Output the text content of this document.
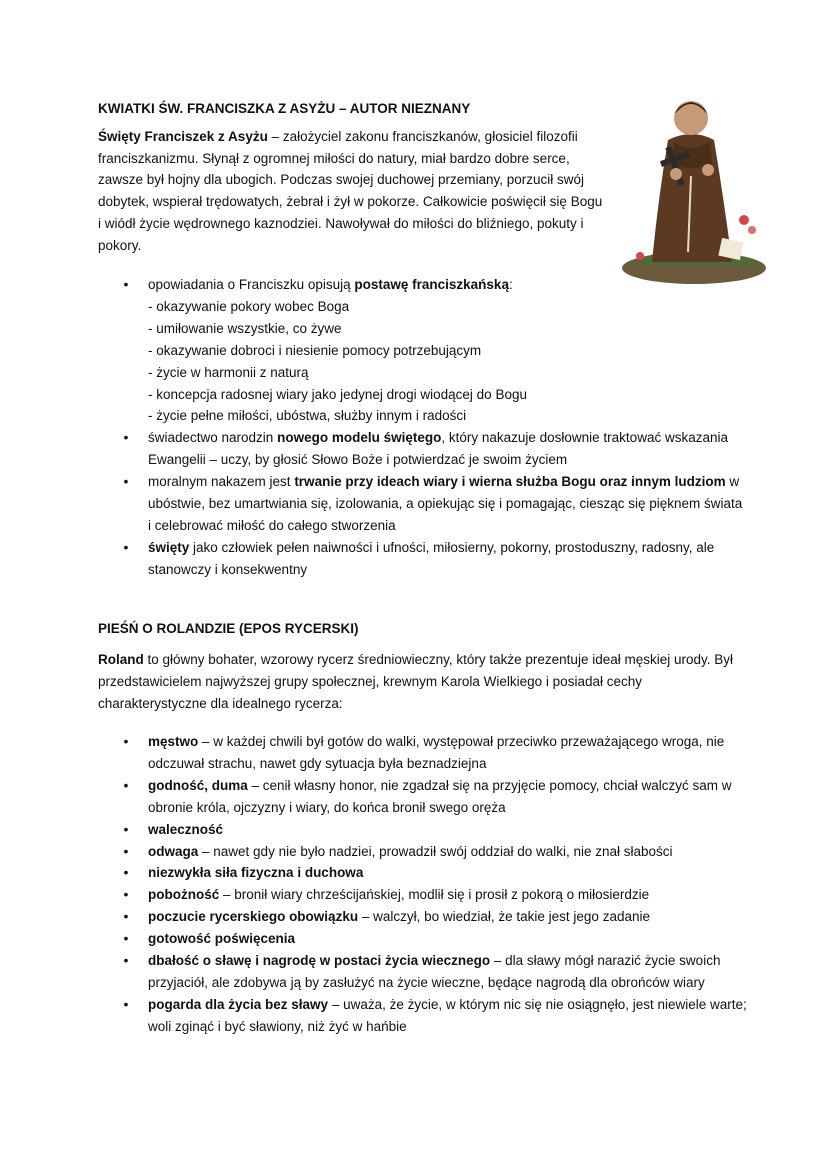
KWIATKI ŚW. FRANCISZKA Z ASYŻU – AUTOR NIEZNANY

Święty Franciszek z Asyżu – założyciel zakonu franciszkanów, głosiciel filozofii franciszkanizmu. Słynął z ogromnej miłości do natury, miał bardzo dobre serce, zawsze był hojny dla ubogich. Podczas swojej duchowej przemiany, porzucił swój dobytek, wspierał trędowatych, żebrał i żył w pokorze. Całkowicie poświęcił się Bogu i wiódł życie wędrownego kaznodziei. Nawoływał do miłości do bliźniego, pokuty i pokory.

• opowiadania o Franciszku opisują postawę franciszkańską:
- okazywanie pokory wobec Boga
- umiłowanie wszystkie, co żywe
- okazywanie dobroci i niesienie pomocy potrzebującym
- życie w harmonii z naturą
- koncepcja radosnej wiary jako jedynej drogi wiodącej do Bogu
- życie pełne miłości, ubóstwa, służby innym i radości
• świadectwo narodzin nowego modelu świętego, który nakazuje dosłownie traktować wskazania Ewangelii – uczy, by głosić Słowo Boże i potwierdzać je swoim życiem
• moralnym nakazem jest trwanie przy ideach wiary i wierna służba Bogu oraz innym ludziom w ubóstwie, bez umartwiania się, izolowania, a opiekując się i pomagając, ciesząc się pięknem świata i celebrować miłość do całego stworzenia
• święty jako człowiek pełen naiwności i ufności, miłosierny, pokorny, prostoduszny, radosny, ale stanowczy i konsekwentny
PIEŚŃ O ROLANDZIE (EPOS RYCERSKI)

Roland to główny bohater, wzorowy rycerz średniowieczny, który także prezentuje ideał męskiej urody. Był przedstawicielem najwyższej grupy społecznej, krewnym Karola Wielkiego i posiadał cechy charakterystyczne dla idealnego rycerza:

• męstwo – w każdej chwili był gotów do walki, występował przeciwko przeważającego wroga, nie odczuwał strachu, nawet gdy sytuacja była beznadziejna
• godność, duma – cenił własny honor, nie zgadzał się na przyjęcie pomocy, chciał walczyć sam w obronie króla, ojczyzny i wiary, do końca bronił swego oręża
• waleczność
• odwaga – nawet gdy nie było nadziei, prowadził swój oddział do walki, nie znał słabości
• niezwykła siła fizyczna i duchowa
• pobożność – bronił wiary chrześcijańskiej, modlił się i prosił z pokorą o miłosierdzie
• poczucie rycerskiego obowiązku – walczył, bo wiedział, że takie jest jego zadanie
• gotowość poświęcenia
• dbałość o sławę i nagrodę w postaci życia wiecznego – dla sławy mógł narazić życie swoich przyjaciół, ale zdobywa ją by zasłużyć na życie wieczne, będące nagrodą dla obrońców wiary
• pogarda dla życia bez sławy – uważa, że życie, w którym nic się nie osiągnęło, jest niewiele warte; woli zginąć i być sławiony, niż żyć w hańbie
